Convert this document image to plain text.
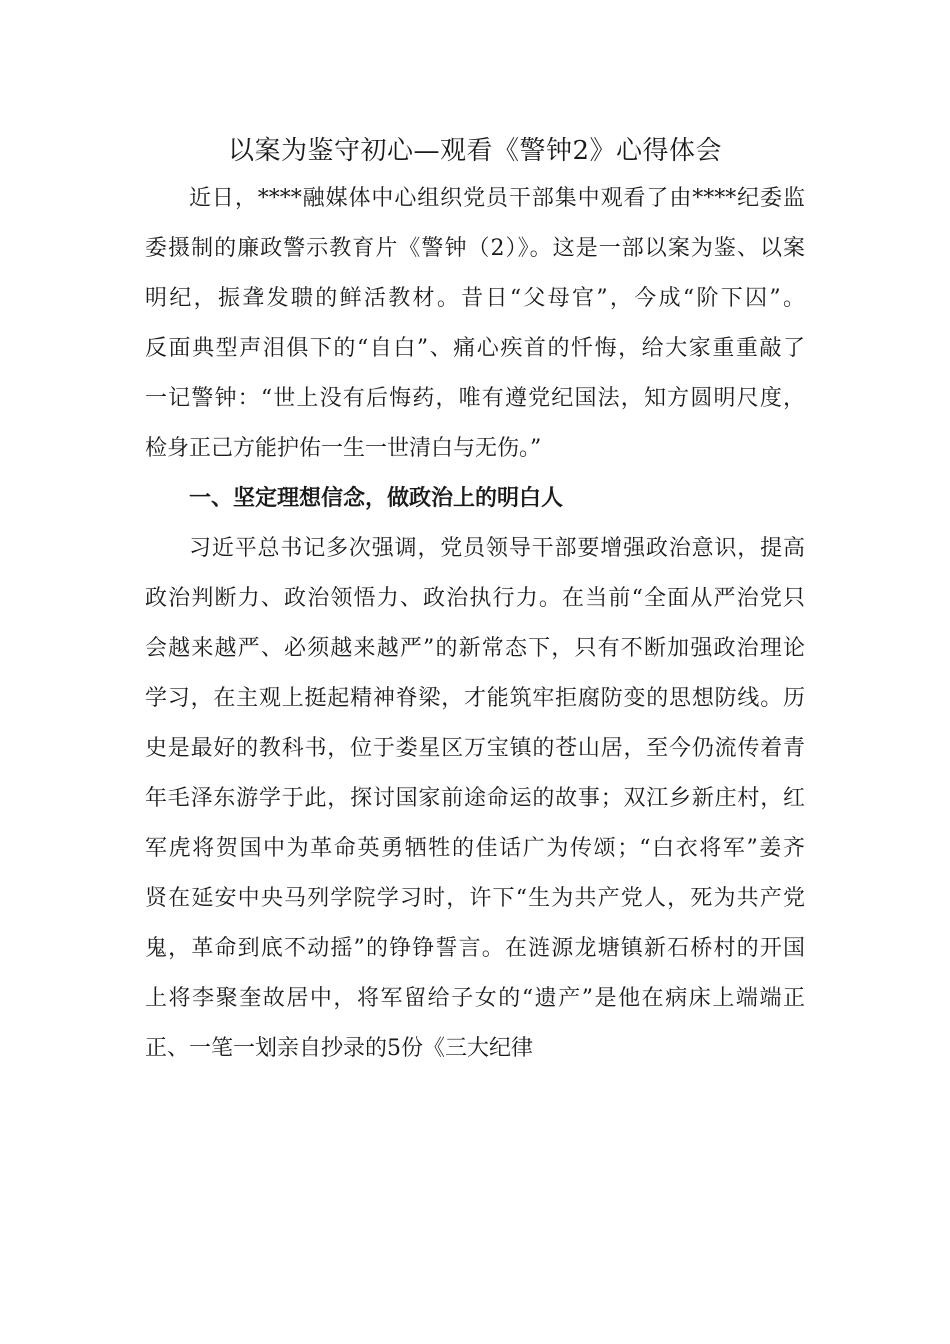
以案为鉴守初心—观看《警钟2》心得体会

近日，****融媒体中心组织党员干部集中观看了由****纪委监

委摄制的廉政警示教育片《警钟（2）》。这是一部以案为鉴、以案

明纪，振聋发聩的鲜活教材。昔日“父母官”，今成“阶下囚”。

反面典型声泪俱下的“自白”、痛心疾首的忏悔，给大家重重敲了

一记警钟：“世上没有后悔药，唯有遵党纪国法，知方圆明尺度，

检身正己方能护佑一生一世清白与无伤。”

一、坚定理想信念，做政治上的明白人

习近平总书记多次强调，党员领导干部要增强政治意识，提高

政治判断力、政治领悟力、政治执行力。在当前“全面从严治党只

会越来越严、必须越来越严”的新常态下，只有不断加强政治理论

学习，在主观上挺起精神脊梁，才能筑牢拒腐防变的思想防线。历

史是最好的教科书，位于娄星区万宝镇的苍山居，至今仍流传着青

年毛泽东游学于此，探讨国家前途命运的故事；双江乡新庄村，红

军虎将贺国中为革命英勇牺牲的佳话广为传颂；“白衣将军”姜齐

贤在延安中央马列学院学习时，许下“生为共产党人，死为共产党

鬼，革命到底不动摇”的铮铮誓言。在涟源龙塘镇新石桥村的开国

上将李聚奎故居中，将军留给子女的“遗产”是他在病床上端端正

正、一笔一划亲自抄录的5份《三大纪律
